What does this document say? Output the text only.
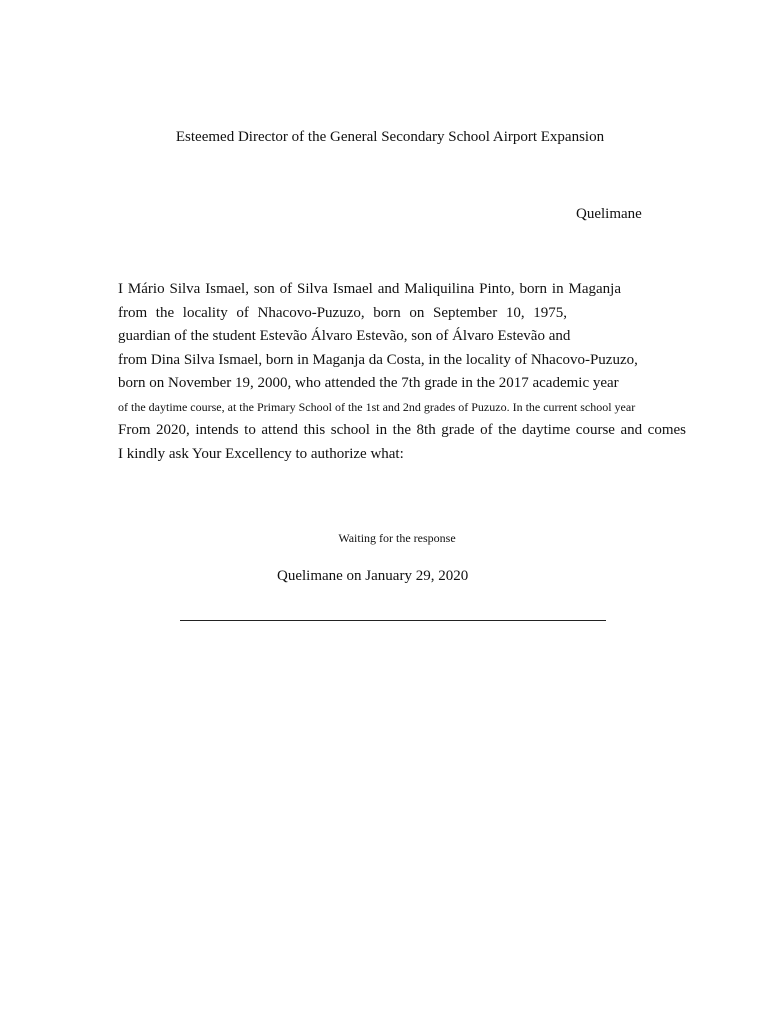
Esteemed Director of the General Secondary School Airport Expansion
Quelimane
I Mário Silva Ismael, son of Silva Ismael and Maliquilina Pinto, born in Maganja
from the locality of Nhacovo-Puzuzo, born on September 10, 1975,
guardian of the student Estevão Álvaro Estevão, son of Álvaro Estevão and
from Dina Silva Ismael, born in Maganja da Costa, in the locality of Nhacovo-Puzuzo,
born on November 19, 2000, who attended the 7th grade in the 2017 academic year
of the daytime course, at the Primary School of the 1st and 2nd grades of Puzuzo. In the current school year
From 2020, intends to attend this school in the 8th grade of the daytime course and comes
I kindly ask Your Excellency to authorize what:
Waiting for the response
Quelimane on January 29, 2020
